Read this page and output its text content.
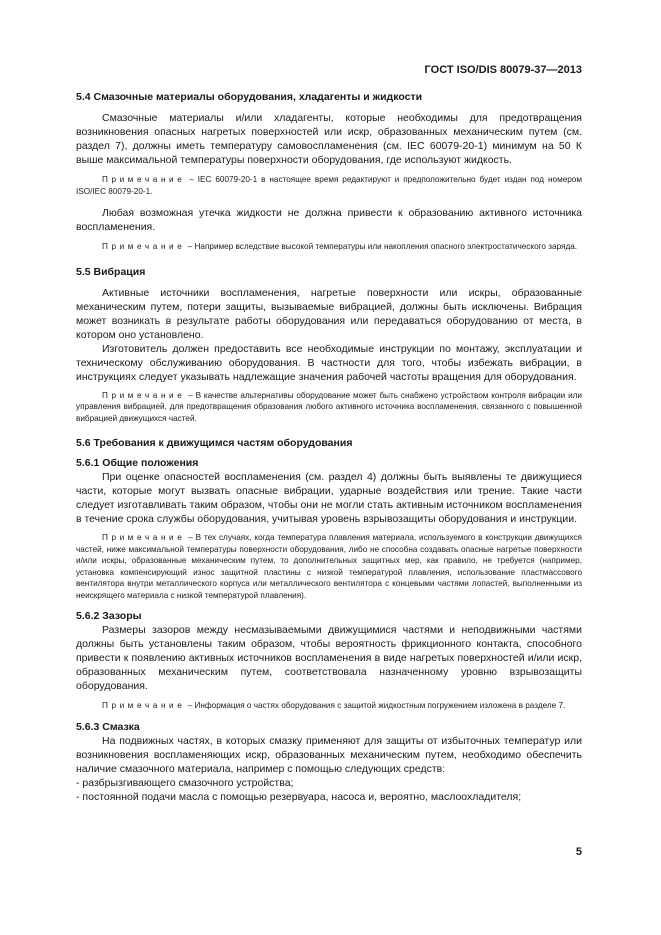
ГОСТ ISO/DIS 80079-37—2013
5.4 Смазочные материалы оборудования, хладагенты и жидкости

Смазочные материалы и/или хладагенты, которые необходимы для предотвращения возникновения опасных нагретых поверхностей или искр, образованных механическим путем (см. раздел 7), должны иметь температуру самовоспламенения (см. IEC 60079-20-1) минимум на 50 К выше максимальной температуры поверхности оборудования, где используют жидкость.

Примечание – IEC 60079-20-1 в настоящее время редактируют и предположительно будет издан под номером ISO/IEC 80079-20-1.

Любая возможная утечка жидкости не должна привести к образованию активного источника воспламенения.

Примечание – Например вследствие высокой температуры или накопления опасного электростатического заряда.

5.5 Вибрация

Активные источники воспламенения, нагретые поверхности или искры, образованные механическим путем, потери защиты, вызываемые вибрацией, должны быть исключены. Вибрация может возникать в результате работы оборудования или передаваться оборудованию от места, в котором оно установлено.

Изготовитель должен предоставить все необходимые инструкции по монтажу, эксплуатации и техническому обслуживанию оборудования. В частности для того, чтобы избежать вибрации, в инструкциях следует указывать надлежащие значения рабочей частоты вращения для оборудования.

Примечание – В качестве альтернативы оборудование может быть снабжено устройством контроля вибрации или управления вибрацией, для предотвращения образования любого активного источника воспламенения, связанного с повышенной вибрацией движущихся частей.

5.6 Требования к движущимся частям оборудования
5.6.1 Общие положения

При оценке опасностей воспламенения (см. раздел 4) должны быть выявлены те движущиеся части, которые могут вызвать опасные вибрации, ударные воздействия или трение. Такие части следует изготавливать таким образом, чтобы они не могли стать активным источником воспламенения в течение срока службы оборудования, учитывая уровень взрывозащиты оборудования и инструкции.

Примечание – В тех случаях, когда температура плавления материала, используемого в конструкции движущихся частей, ниже максимальной температуры поверхности оборудования, либо не способна создавать опасные нагретые поверхности и/или искры, образованные механическим путем, то дополнительных защитных мер, как правило, не требуется (например, установка компенсирующий износ защитной пластины с низкой температурой плавления, использование пластмассового вентилятора внутри металлического корпуса или металлического вентилятора с концевыми частями лопастей, выполненными из неискрящего материала с низкой температурой плавления).

5.6.2 Зазоры

Размеры зазоров между несмазываемыми движущимися частями и неподвижными частями должны быть установлены таким образом, чтобы вероятность фрикционного контакта, способного привести к появлению активных источников воспламенения в виде нагретых поверхностей и/или искр, образованных механическим путем, соответствовала назначенному уровню взрывозащиты оборудования.

Примечание – Информация о частях оборудования с защитой жидкостным погружением изложена в разделе 7.

5.6.3 Смазка

На подвижных частях, в которых смазку применяют для защиты от избыточных температур или возникновения воспламеняющих искр, образованных механическим путем, необходимо обеспечить наличие смазочного материала, например с помощью следующих средств:

- разбрызгивающего смазочного устройства;

- постоянной подачи масла с помощью резервуара, насоса и, вероятно, маслоохладителя;

5
